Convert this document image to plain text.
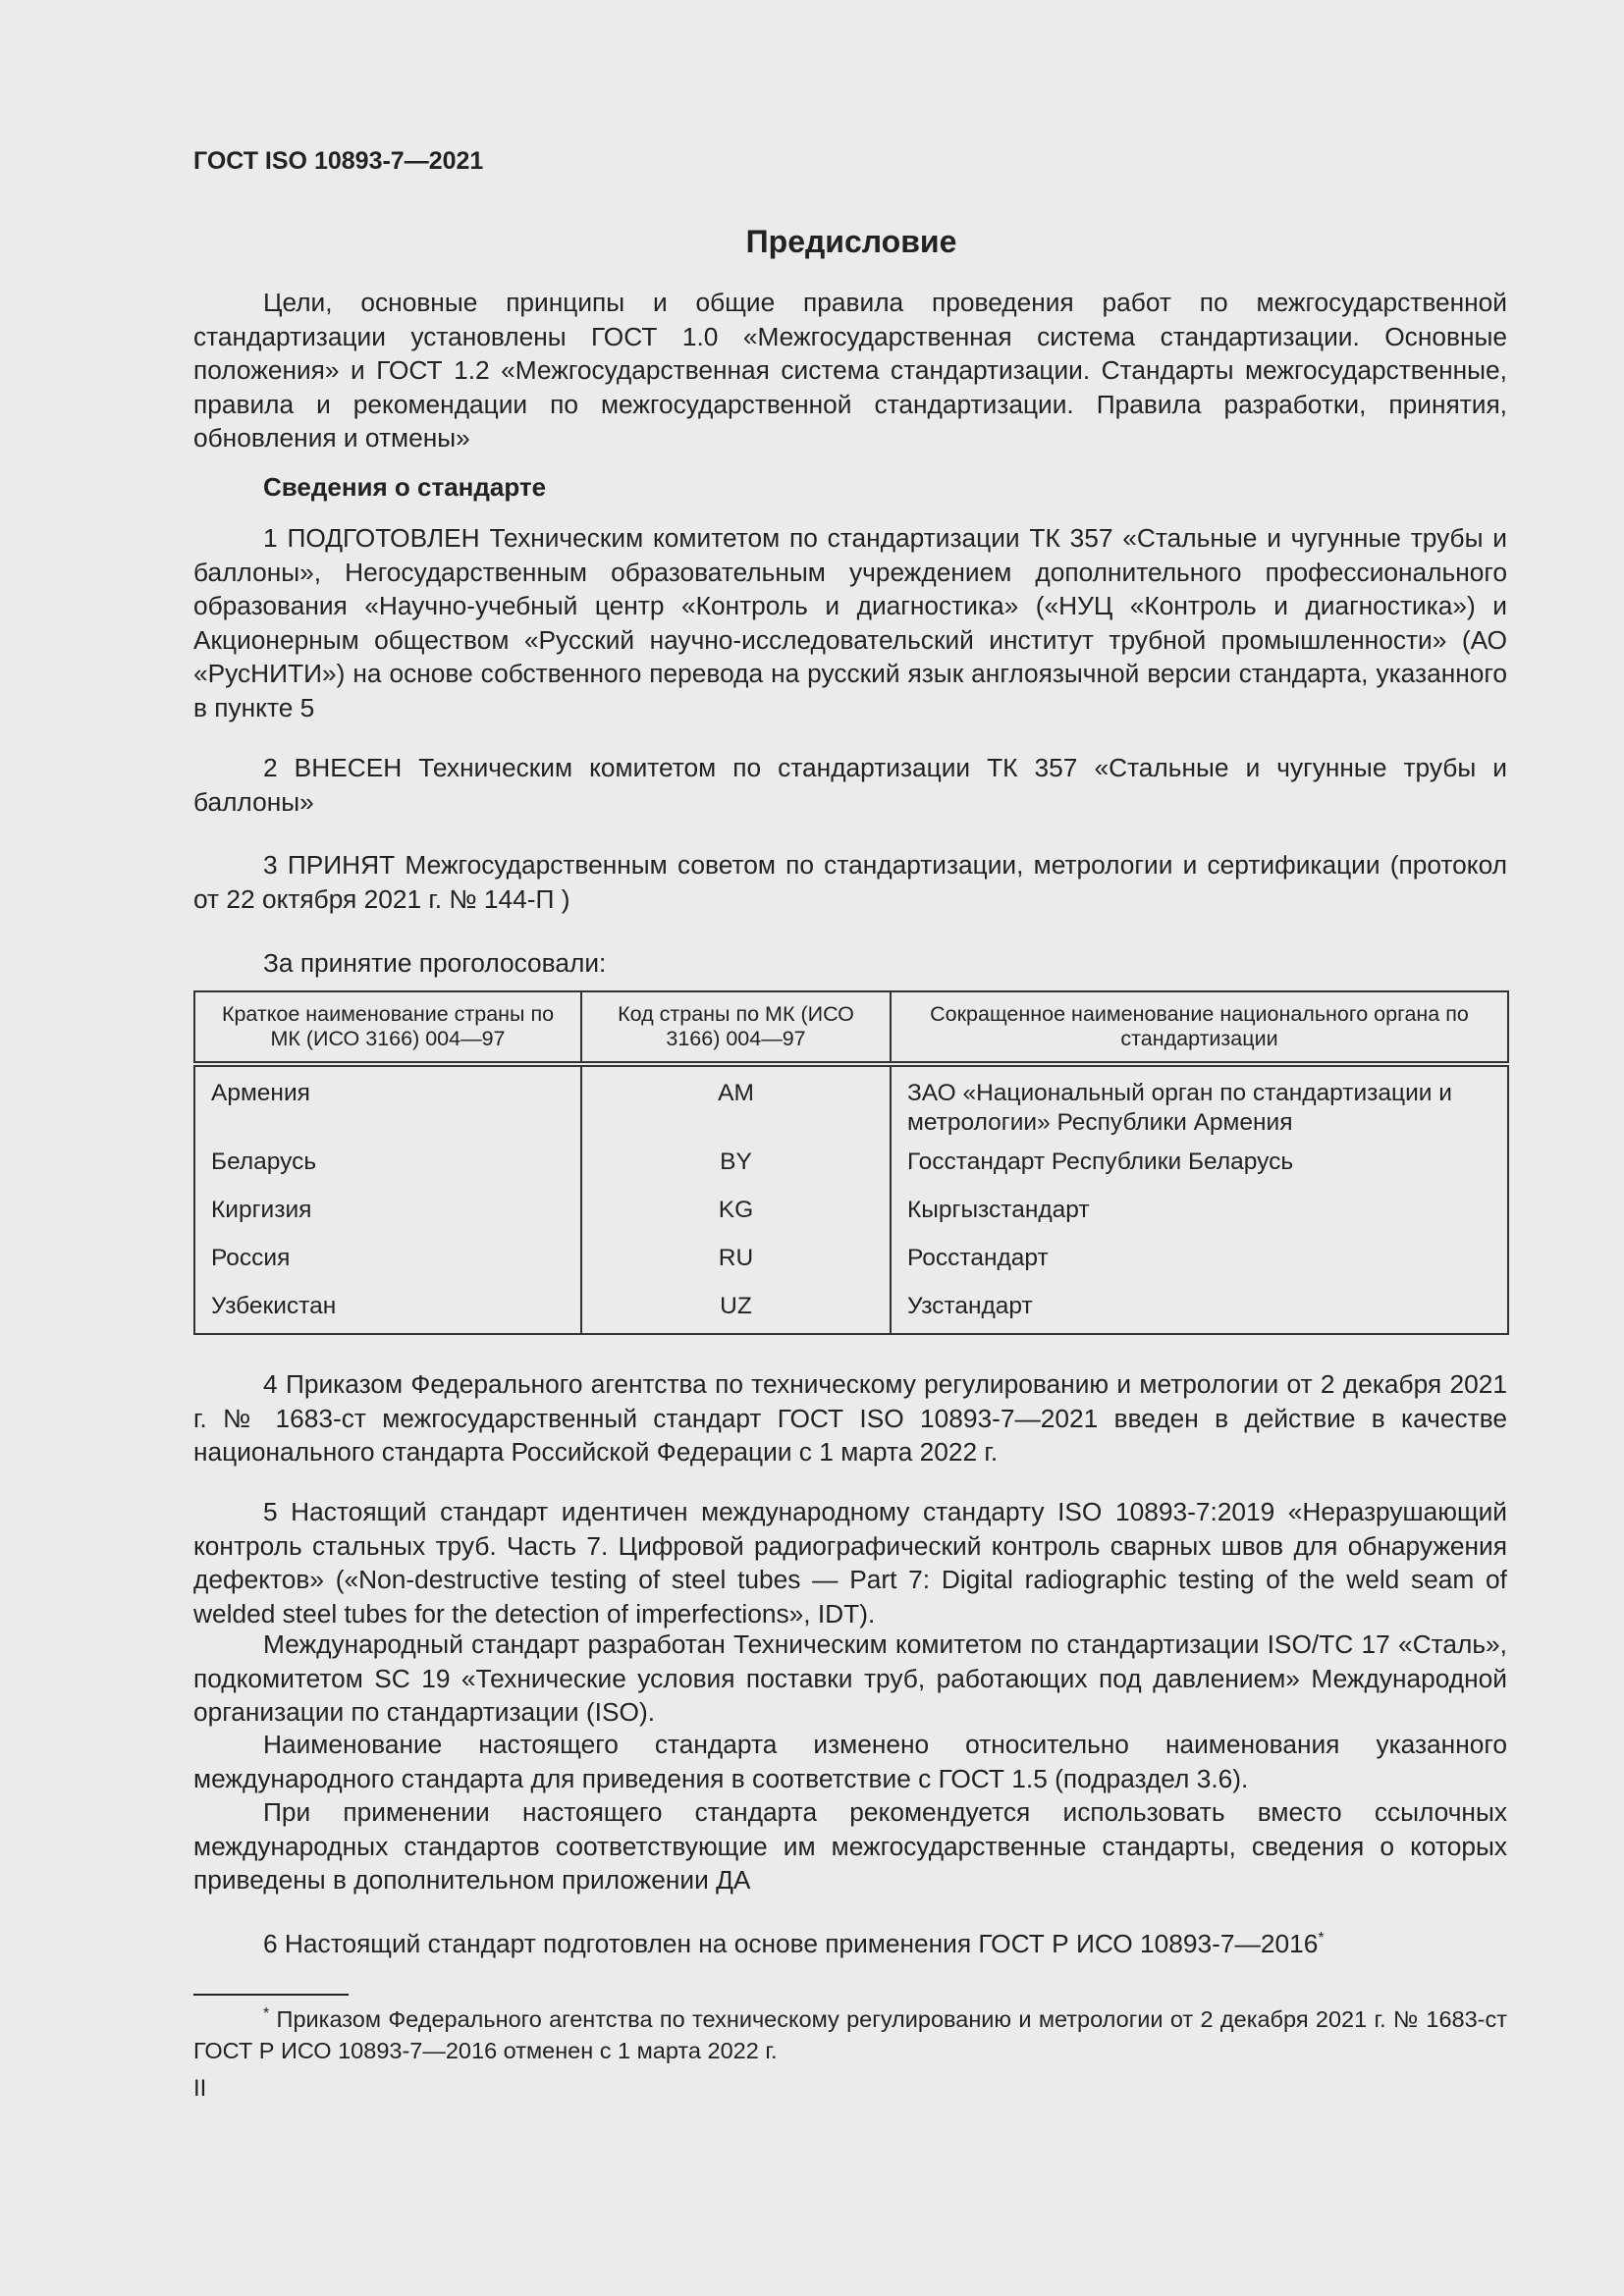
ГОСТ ISO 10893-7—2021
Предисловие
Цели, основные принципы и общие правила проведения работ по межгосударственной стандартизации установлены ГОСТ 1.0 «Межгосударственная система стандартизации. Основные положения» и ГОСТ 1.2 «Межгосударственная система стандартизации. Стандарты межгосударственные, правила и рекомендации по межгосударственной стандартизации. Правила разработки, принятия, обновления и отмены»
Сведения о стандарте
1 ПОДГОТОВЛЕН Техническим комитетом по стандартизации ТК 357 «Стальные и чугунные трубы и баллоны», Негосударственным образовательным учреждением дополнительного профессионального образования «Научно-учебный центр «Контроль и диагностика» («НУЦ «Контроль и диагностика») и Акционерным обществом «Русский научно-исследовательский институт трубной промышленности» (АО «РусНИТИ») на основе собственного перевода на русский язык англоязычной версии стандарта, указанного в пункте 5
2 ВНЕСЕН Техническим комитетом по стандартизации ТК 357 «Стальные и чугунные трубы и баллоны»
3 ПРИНЯТ Межгосударственным советом по стандартизации, метрологии и сертификации (протокол от 22 октября 2021 г. № 144-П )
За принятие проголосовали:
Краткое наименование страны по МК (ИСО 3166) 004—97	Код страны по МК (ИСО 3166) 004—97	Сокращенное наименование национального органа по стандартизации
Армения	AM	ЗАО «Национальный орган по стандартизации и метрологии» Республики Армения
Беларусь	BY	Госстандарт Республики Беларусь
Киргизия	KG	Кыргызстандарт
Россия	RU	Росстандарт
Узбекистан	UZ	Узстандарт
4 Приказом Федерального агентства по техническому регулированию и метрологии от 2 декабря 2021 г. № 1683-ст межгосударственный стандарт ГОСТ ISO 10893-7—2021 введен в действие в качестве национального стандарта Российской Федерации с 1 марта 2022 г.
5 Настоящий стандарт идентичен международному стандарту ISO 10893-7:2019 «Неразрушающий контроль стальных труб. Часть 7. Цифровой радиографический контроль сварных швов для обнаружения дефектов» («Non-destructive testing of steel tubes — Part 7: Digital radiographic testing of the weld seam of welded steel tubes for the detection of imperfections», IDT).
Международный стандарт разработан Техническим комитетом по стандартизации ISO/TC 17 «Сталь», подкомитетом SC 19 «Технические условия поставки труб, работающих под давлением» Международной организации по стандартизации (ISO).
Наименование настоящего стандарта изменено относительно наименования указанного международного стандарта для приведения в соответствие с ГОСТ 1.5 (подраздел 3.6).
При применении настоящего стандарта рекомендуется использовать вместо ссылочных международных стандартов соответствующие им межгосударственные стандарты, сведения о которых приведены в дополнительном приложении ДА
6 Настоящий стандарт подготовлен на основе применения ГОСТ Р ИСО 10893-7—2016*
* Приказом Федерального агентства по техническому регулированию и метрологии от 2 декабря 2021 г. № 1683-ст ГОСТ Р ИСО 10893-7—2016 отменен с 1 марта 2022 г.
II
